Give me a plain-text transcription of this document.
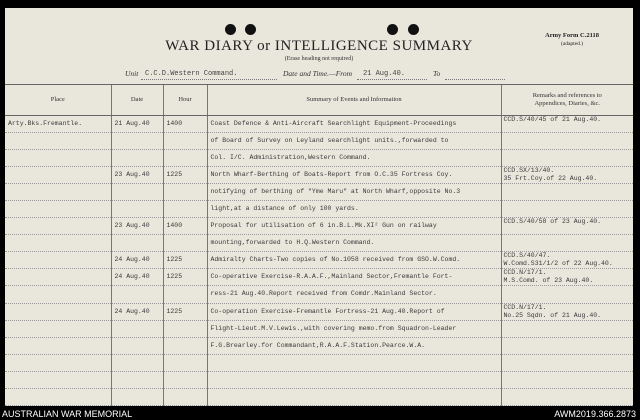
WAR DIARY or INTELLIGENCE SUMMARY
(Erase heading not required)
Army Form C.2118
(adapted.)
Unit C.C.D.Western Command.	Date and Time.—From 21 Aug.40.	To
Place	Date	Hour	Summary of Events and Information	Remarks and references to
Appendices, Diaries, &c.

Arty.Bks.Fremantle.	21 Aug.40	1400	Coast Defence & Anti-Aircraft Searchlight Equipment-Proceedings	CCD.S/40/45 of 21 Aug.40.

			of Board of Survey on Leyland searchlight units.,forwarded to	
			Col. I/C. Administration,Western Command.	
	23 Aug.40	1225	North Wharf-Berthing of Boats-Report from O.C.35 Fortress Coy.	CCD.SX/13/40.
35 Frt.Coy.of 22 Aug.40.

			notifying of berthing of "Yme Maru" at North Wharf,opposite No.3	
			light,at a distance of only 100 yards.	
	23 Aug.40	1400	Proposal for utilisation of 6 in.B.L.Mk.XI² Gun on railway	CCD.S/40/58 of 23 Aug.40.

			mounting,forwarded to H.Q.Western Command.	
	24 Aug.40	1225	Admiralty Charts-Two copies of No.1058 received from GSO.W.Comd.	CCD.S/40/47.
W.Comd.S31/1/2 of 22 Aug.40.

	24 Aug.40	1225	Co-operative Exercise-R.A.A.F.,Mainland Sector,Fremantle Fort-	CCD.N/17/1.
M.S.Comd. of 23 Aug.40.

			ress-21 Aug.40.Report received from Comdr.Mainland Sector.	
	24 Aug.40	1225	Co-operation Exercise-Fremantle Fortress-21 Aug.40.Report of	CCD.N/17/1.
No.25 Sqdn. of 21 Aug.40.

			Flight-Lieut.M.V.Lewis.,with covering memo.from Squadron-Leader	
			F.G.Brearley.for Commandant,R.A.A.F.Station.Pearce.W.A.	

AUSTRALIAN WAR MEMORIAL	AWM2019.366.2873
